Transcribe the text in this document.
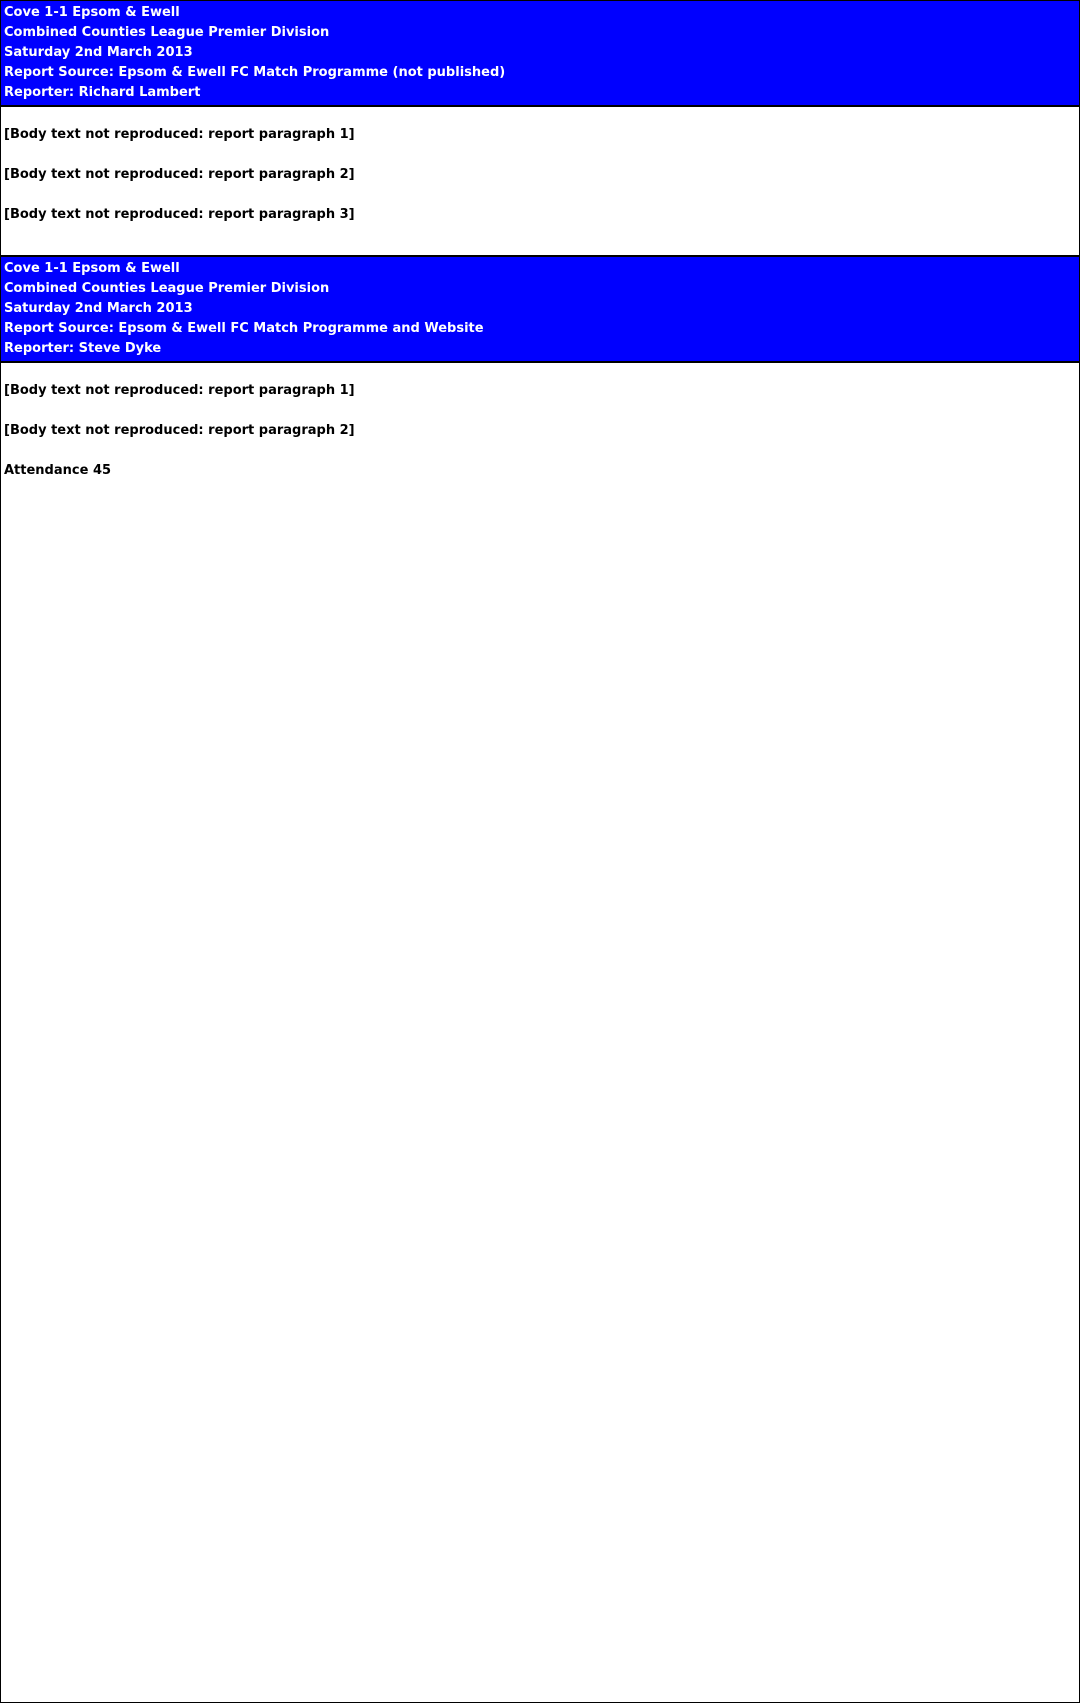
Cove 1-1 Epsom & Ewell
Combined Counties League Premier Division
Saturday 2nd March 2013
Report Source: Epsom & Ewell FC Match Programme (not published)
Reporter: Richard Lambert

[Body text not reproduced: report paragraph 1]

[Body text not reproduced: report paragraph 2]

[Body text not reproduced: report paragraph 3]

Cove 1-1 Epsom & Ewell
Combined Counties League Premier Division
Saturday 2nd March 2013
Report Source: Epsom & Ewell FC Match Programme and Website
Reporter: Steve Dyke

[Body text not reproduced: report paragraph 1]

[Body text not reproduced: report paragraph 2]

Attendance 45
